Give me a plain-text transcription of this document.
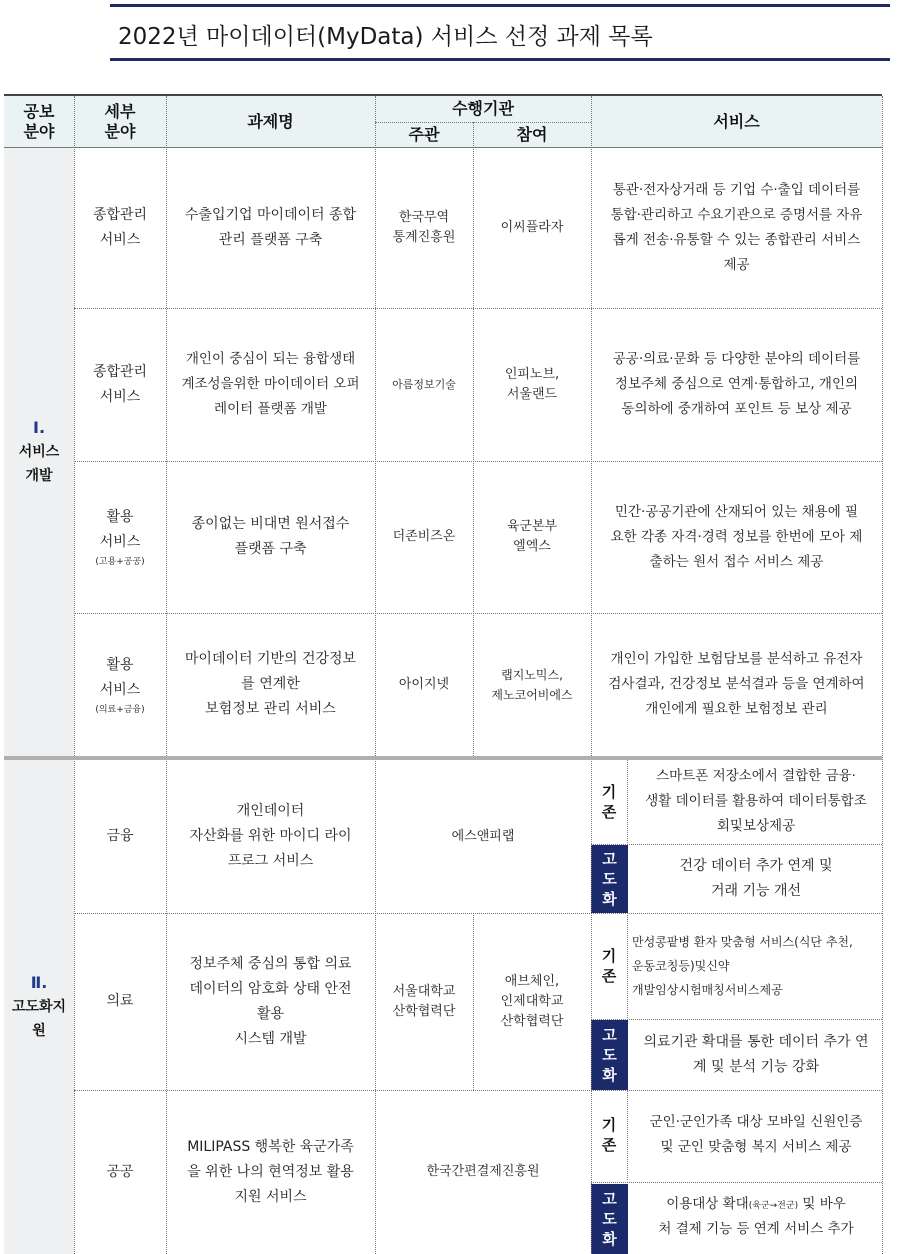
2022년 마이데이터(MyData) 서비스 선정 과제 목록
공보
분야
세부
분야
과제명
수행기관
주관	참여
서비스
Ⅰ.
서비스
개발
Ⅱ.
고도화지
원
종합관리
서비스
수출입기업 마이데이터 종합
관리 플랫폼 구축
한국무역
통계진흥원
이씨플라자
통관·전자상거래 등 기업 수·출입 데이터를
통합·관리하고 수요기관으로 증명서를 자유
롭게 전송·유통할 수 있는 종합관리 서비스
제공
종합관리
서비스
개인이 중심이 되는 융합생태
계조성을위한 마이데이터 오퍼
레이터 플랫폼 개발
아름정보기술
인피노브,
서울랜드
공공·의료·문화 등 다양한 분야의 데이터를
정보주체 중심으로 연계·통합하고, 개인의
동의하에 중개하여 포인트 등 보상 제공
활용
서비스
(고용+공공)
종이없는 비대면 원서접수
플랫폼 구축
더존비즈온
육군본부
엘엑스
민간·공공기관에 산재되어 있는 채용에 필
요한 각종 자격·경력 정보를 한번에 모아 제
출하는 원서 접수 서비스 제공
활용
서비스
(의료+금융)
마이데이터 기반의 건강정보
를 연계한
보험정보 관리 서비스
아이지넷
랩지노믹스,
제노코어비에스
개인이 가입한 보험담보를 분석하고 유전자
검사결과, 건강정보 분석결과 등을 연계하여
개인에게 필요한 보험정보 관리
금융
개인데이터
자산화를 위한 마이디 라이
프로그 서비스
에스앤피랩
기
존
스마트폰 저장소에서 결합한 금융·
생활 데이터를 활용하여 데이터통합조
회및보상제공
고
도
화
건강 데이터 추가 연계 및
거래 기능 개선
의료
정보주체 중심의 통합 의료
데이터의 암호화 상태 안전
활용
시스템 개발
서울대학교
산학협력단
애브체인,
인제대학교
산학협력단
기
존
만성콩팥병 환자 맞춤형 서비스(식단 추천,
운동코칭등)및신약
개발임상시험매칭서비스제공
고
도
화
의료기관 확대를 통한 데이터 추가 연
계 및 분석 기능 강화
공공
MILIPASS 행복한 육군가족
을 위한 나의 현역정보 활용
지원 서비스
한국간편결제진흥원
기
존
군인·군인가족 대상 모바일 신원인증
및 군인 맞춤형 복지 서비스 제공
고
도
화
이용대상 확대(육군→전군) 및 바우
처 결제 기능 등 연계 서비스 추가
